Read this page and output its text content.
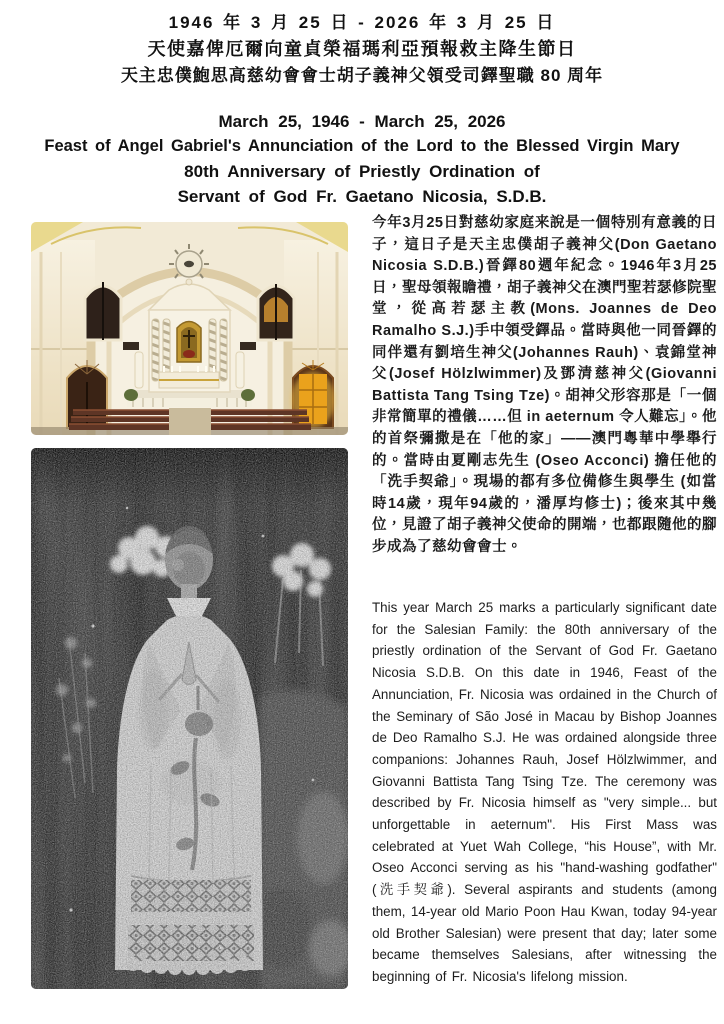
1946 年 3 月 25 日 - 2026 年 3 月 25 日
天使嘉俾厄爾向童貞榮福瑪利亞預報救主降生節日
天主忠僕鮑思高慈幼會會士胡子義神父領受司鐸聖職 80 周年
March 25, 1946 - March 25, 2026
Feast of Angel Gabriel's Annunciation of the Lord to the Blessed Virgin Mary
80th Anniversary of Priestly Ordination of
Servant of God Fr. Gaetano Nicosia, S.D.B.
今年3月25日對慈幼家庭来說是一個特別有意義的日子，這日子是天主忠僕胡子義神父(Don Gaetano Nicosia S.D.B.)晉鐸80週年紀念。1946年3月25日，聖母領報瞻禮，胡子義神父在澳門聖若瑟修院聖堂，從高若瑟主教(Mons. Joannes de Deo Ramalho S.J.)手中領受鐸品。當時與他一同晉鐸的同伴還有劉培生神父(Johannes Rauh)、袁錦堂神父(Josef Hölzlwimmer)及鄧清慈神父(Giovanni Battista Tang Tsing Tze)。胡神父形容那是「一個非常簡單的禮儀……但 in aeternum 令人難忘」。他的首祭彌撒是在「他的家」——澳門粵華中學舉行的。當時由夏剛志先生 (Oseo Acconci) 擔任他的「洗手契爺」。現場的都有多位備修生與學生 (如當時14歲，現年94歲的，潘厚均修士)；後來其中幾位，見證了胡子義神父使命的開端，也都跟隨他的腳步成為了慈幼會會士。
This year March 25 marks a particularly significant date for the Salesian Family: the 80th anniversary of the priestly ordination of the Servant of God Fr. Gaetano Nicosia S.D.B. On this date in 1946, Feast of the Annunciation, Fr. Nicosia was ordained in the Church of the Seminary of São José in Macau by Bishop Joannes de Deo Ramalho S.J. He was ordained alongside three companions: Johannes Rauh, Josef Hölzlwimmer, and Giovanni Battista Tang Tsing Tze. The ceremony was described by Fr. Nicosia himself as "very simple... but unforgettable in aeternum". His First Mass was celebrated at Yuet Wah College, “his House”, with Mr. Oseo Acconci serving as his "hand-washing godfather" (洗手契爺). Several aspirants and students (among them, 14-year old Mario Poon Hau Kwan, today 94-year old Brother Salesian) were present that day; later some became themselves Salesians, after witnessing the beginning of Fr. Nicosia's lifelong mission.
